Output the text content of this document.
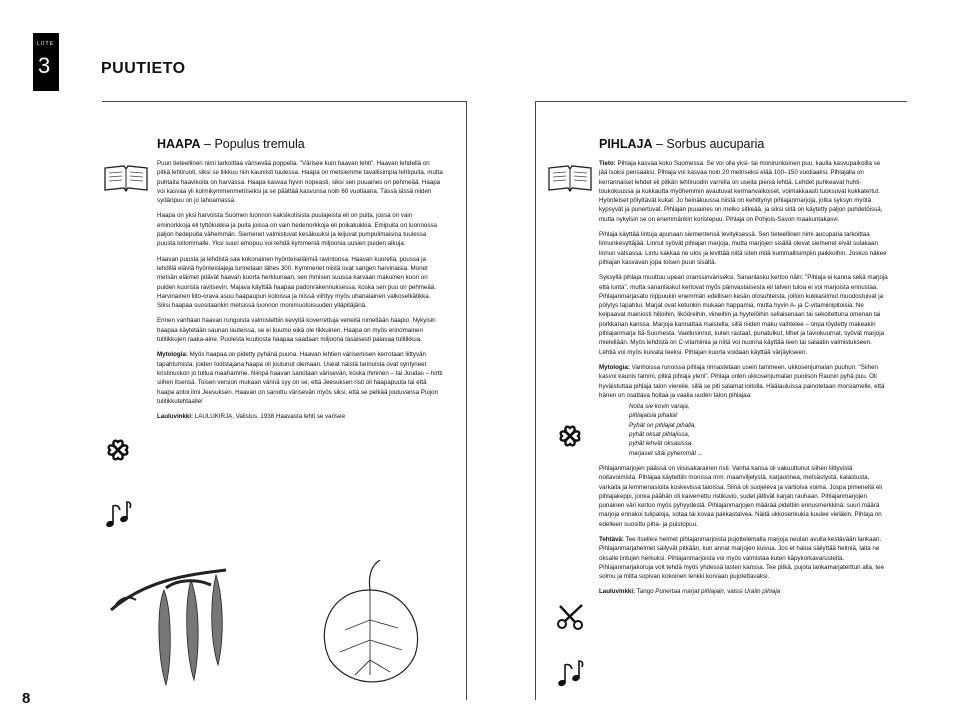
LIITE
3	PUUTIETO
HAAPA – Populus tremula

Puun tieteellinen nimi tarkoittaa värisevää poppelia. "Värisee kuin haavan lehti". Haavan lehdellä on pitkä lehtiruoti, siksi se liikkuu niin kauniisti tuulessa. Haapa on metsiemme tavallisimpia lehtipuita, mutta puhtaita haavikoita on harvassa. Haapa kasvaa hyvin nopeasti, siksi sen puuaines on pehmeää. Haapa voi kasvaa yli kolmikymmenmetriseksi ja se päättää kasvunsa noin 60 vuotiaana. Tässä iässä niiden sydänpuu on jo lahoamassa.

Haapa on yksi harvoista Suomen luonnon kaksikotisista puulajeista eli on puita, jossa on vain eminorkkoja eli tyttökukkia ja puita joissa on vain hedenorkkoja eli poikakukkia. Emipuita on luonnossa paljon hedepuita vähemmän. Siemenet valmistuvat kesäkuuksi ja leijuvat pumpulimaisina tuulessa puusta loitommalle. Yksi suuri emopuu voi tehdä kymmeniä miljoonia uusien puiden alkuja.

Haavan puusta ja lehdistä saa kokonainen hyönteiseläimiä ravintonsa. Haavan kuorella, puussa ja lehdillä eläviä hyönteislajeja tunnetaan lähes 300. Kymmenet niistä ovat sangen harvinaisia. Monet metsän eläimet pitävät haavan kuorta herkkunaan, sen ihmisen suussa karvaan makuinen kuori on puiden kuorista ravitsevin. Majava käyttää haapaa padonrakennuksessa, koska sen puu on pehmeää. Harvinainen liito-orava asuu haapaupun koloissa ja niissä viihtyy myös uhanalainen valkoselkätikka. Siksi haapaa suositaankin metsissä luonnon monimuotoisuuden ylläpitäjänä.

Ennen vanhaan haavan rungoista valmistettiin kevyitä koverrettuja veneitä nimeltään haapio. Nykyisin haapaa käytetään saunan lauteissa, se ei kuumu eikä ole tikkuinen. Haapa on myös erinomainen tulitikkujen raaka-aine. Puolesta kuutiosta haapaa saadaan miljoona tasaisesti palavaa tulitikkua.

Mytologia: Myös haapaa on pidetty pyhänä puuna. Haavan lehtien värisemisen kerrotaan liittyvän tapahtumista, joiden todistajana haapa oli joutunut olemaan. Useat näistä tarinoista ovat syntyneet kristinuskon jo tultua maahamme. Niinpä haavan sanotaan värisevän, koska ihminen – tai Juudas – hirtti siihen itsensä. Toisen version mukaan värinä syy on se, että Jeesuksen risti oli haapapuuta tai että haapa antoi ilmi Jeesuksen. Haavan on sanottu värisevän myös siksi, että se pelkää joutuvansa Puijon tulitikkutehtaalle!

Lauluvinkki: LAULUKIRJA, Valistus. 1938 Haavasta lehti se varisee

PIHLAJA – Sorbus aucuparia

Tieto: Pihlaja kasvaa koko Suomessa. Se voi olla yksi- tai monirunkoinen puu, kaulla kasvupaikoilla se jää isoksi pensaaksi. Pihlaja voi kasvaa noin 20 metriseksi elää 100–150 vuotiaaksi. Pihlajalla on kerrannaiset lehdet eli pitkän lehtiruodin varrella on useita pieniä lehtiä. Lehdet puhkeavat huhti-toukokuussa ja kukkautta myöhemmin avautuvat kermanvalkoiset, voimakkaasti tuoksuvat kukkatertut. Hyönteiset pölyttävät kukat. Jo heinäkuussa niistä on kehittynyt pihlajanmarjoja, jotka syksyn myötä kypsyvät ja punertuvat. Pihlajan puuaines on melko sitkeää, ja siksi siitä on käytetty paljon puhdetöissä, mutta nykyisin se on enemmänkin koristepuu. Pihlaja on Pohjois-Savon maakuntakasvi.

Pihlaja käyttää lintuja apunaan siementensä levityksessä. Sen tieteellinen nimi aucuparia tarkoittaa linnunkesyttäjää. Linnut syövät pihlajan marjoja, mutta marjojen sisällä olevat siemenet eivät sulakaan linnun vatsassa. Lintu kakkaa ne ulos ja levittää niitä siten mitä kummallisimpiin paikkoihin. Joskus näkee pihlajan kasvavan jopa toisen puun sisältä.

Syksyllä pihlaja muuttuu upean oranssinväriseksi. Sananlasku kertoo näin: "Pihlaja ei kanna sekä marjoja että lunta", mutta sananlaskut kertovat myös päinvastaisesta eli talven tuloa ei voi marjoista ennustaa. Pihlajanmarjasato riippuukin enemmän edellisen kesän olosuhteista, jolloin kukkasilmut muodostuivat ja pölytys tapahtui. Marjat ovat ketunkin mukaan happamia, mutta hyvin A- ja C-vitamiinipitoisia. Ne kelpaavat mainiosti hilloihin, likööreihin, viineihin ja hyytelöihin sellaisenaan tai sekoitettuna omenan tai porkkanan kanssa. Marjoja kannattaa maistella, sillä niiden maku vaihtelee – onpa löydetty makeakin pihlajanmarja Itä-Suomesta. Vaellusinnut, kuten rastaat, punatulkut, tilhet ja taviokuurnat, syövät marjoja mielellään. Myös lehdistä on C-vitamiinia ja niitä voi nuorina käyttää teen tai salaatin valmistukseen. Lehtiä voi myös kuivata teeksi. Pihlajan kuorta voidaan käyttää värjäykseen.

Mytologia: Vanhoissa runoissa pihlaja rinnastetaan usein tammeen, ukkosenjumalan puuhun: "Siihen kasvoi kaunis tammi, pitkä pihlaja yleni". Pihlaja onkin ukkosenjumalan puolison Raunin pyhä puu. Oli hyväistuttaa pihlaja talon viereile, sillä se piti salamat loitolla. Häälauluissa painotetaan morsiamelle, että hänen on osattava hoitaa ja vaalia uuden talon pihlajaa:

Noita sie kovin varaja,
pihlajaisia pihalla!
Pyhät on pihlajat pihalla,
pyhät oksat pihlajissa,
pyhät lehvät oksasissa,
marjaset sitäi pyhemmät ...

Pihlajanmarjojen päässä on viisisakarainen risti. Vanha kansa oli vakuuttunut siihen liittyvistä noitavoimista. Pihlajaa käytettiin monissa mm. maanviljelystä, karjaonnea, metsästystä, kalastusta, varkaita ja lemmenasioita koskevissa taioissa. Siinä oli suojeleva ja vartioiva voima. Jospa pimenellä eli pihlajakeppi, jonka päähän oli kaiverrettu ristikuvio, sudet jättivät karjan rauhaan. Pihlajanmarjojen punainen väri kertoo myös pyhyydestä. Pihlajanmarjojen määrää pidettiin ennusmerkkinä: suuri määrä marjoja ennakoi tulipaloja, sotaa tai kovaa pakkastalvea. Näitä ukkosenkukia kuulee vieläkin. Pihlaja on edelleen suosittu piha- ja puistopuu.

Tehtävä: Tee itsellesi helmet pihlajanmarjoista pujottelemalla marjoja neulan avulla kestävään lankaan. Pihlajanmarjahelmet säilyvät pitkään, kun annat marjojen kuivua. Jos et halua säilyttää helmiä, laita ne oksalle lintujen herkuksi. Pihlajanmarjoista voi myös valmistaa kuten käpykorkavarusteita. Pihlajanmarjakoruja voit tehdä myös yhdessä lasten kanssa. Tee pitkä, pujota lankamarjaterttun alla, tee solmu ja mitta sopivan kokoinen lenkki korvaan pujotettavaksi.

Lauluvinkki: Tango Punertaa marjat pihlajain, valssi Uralin pihlaja

8
